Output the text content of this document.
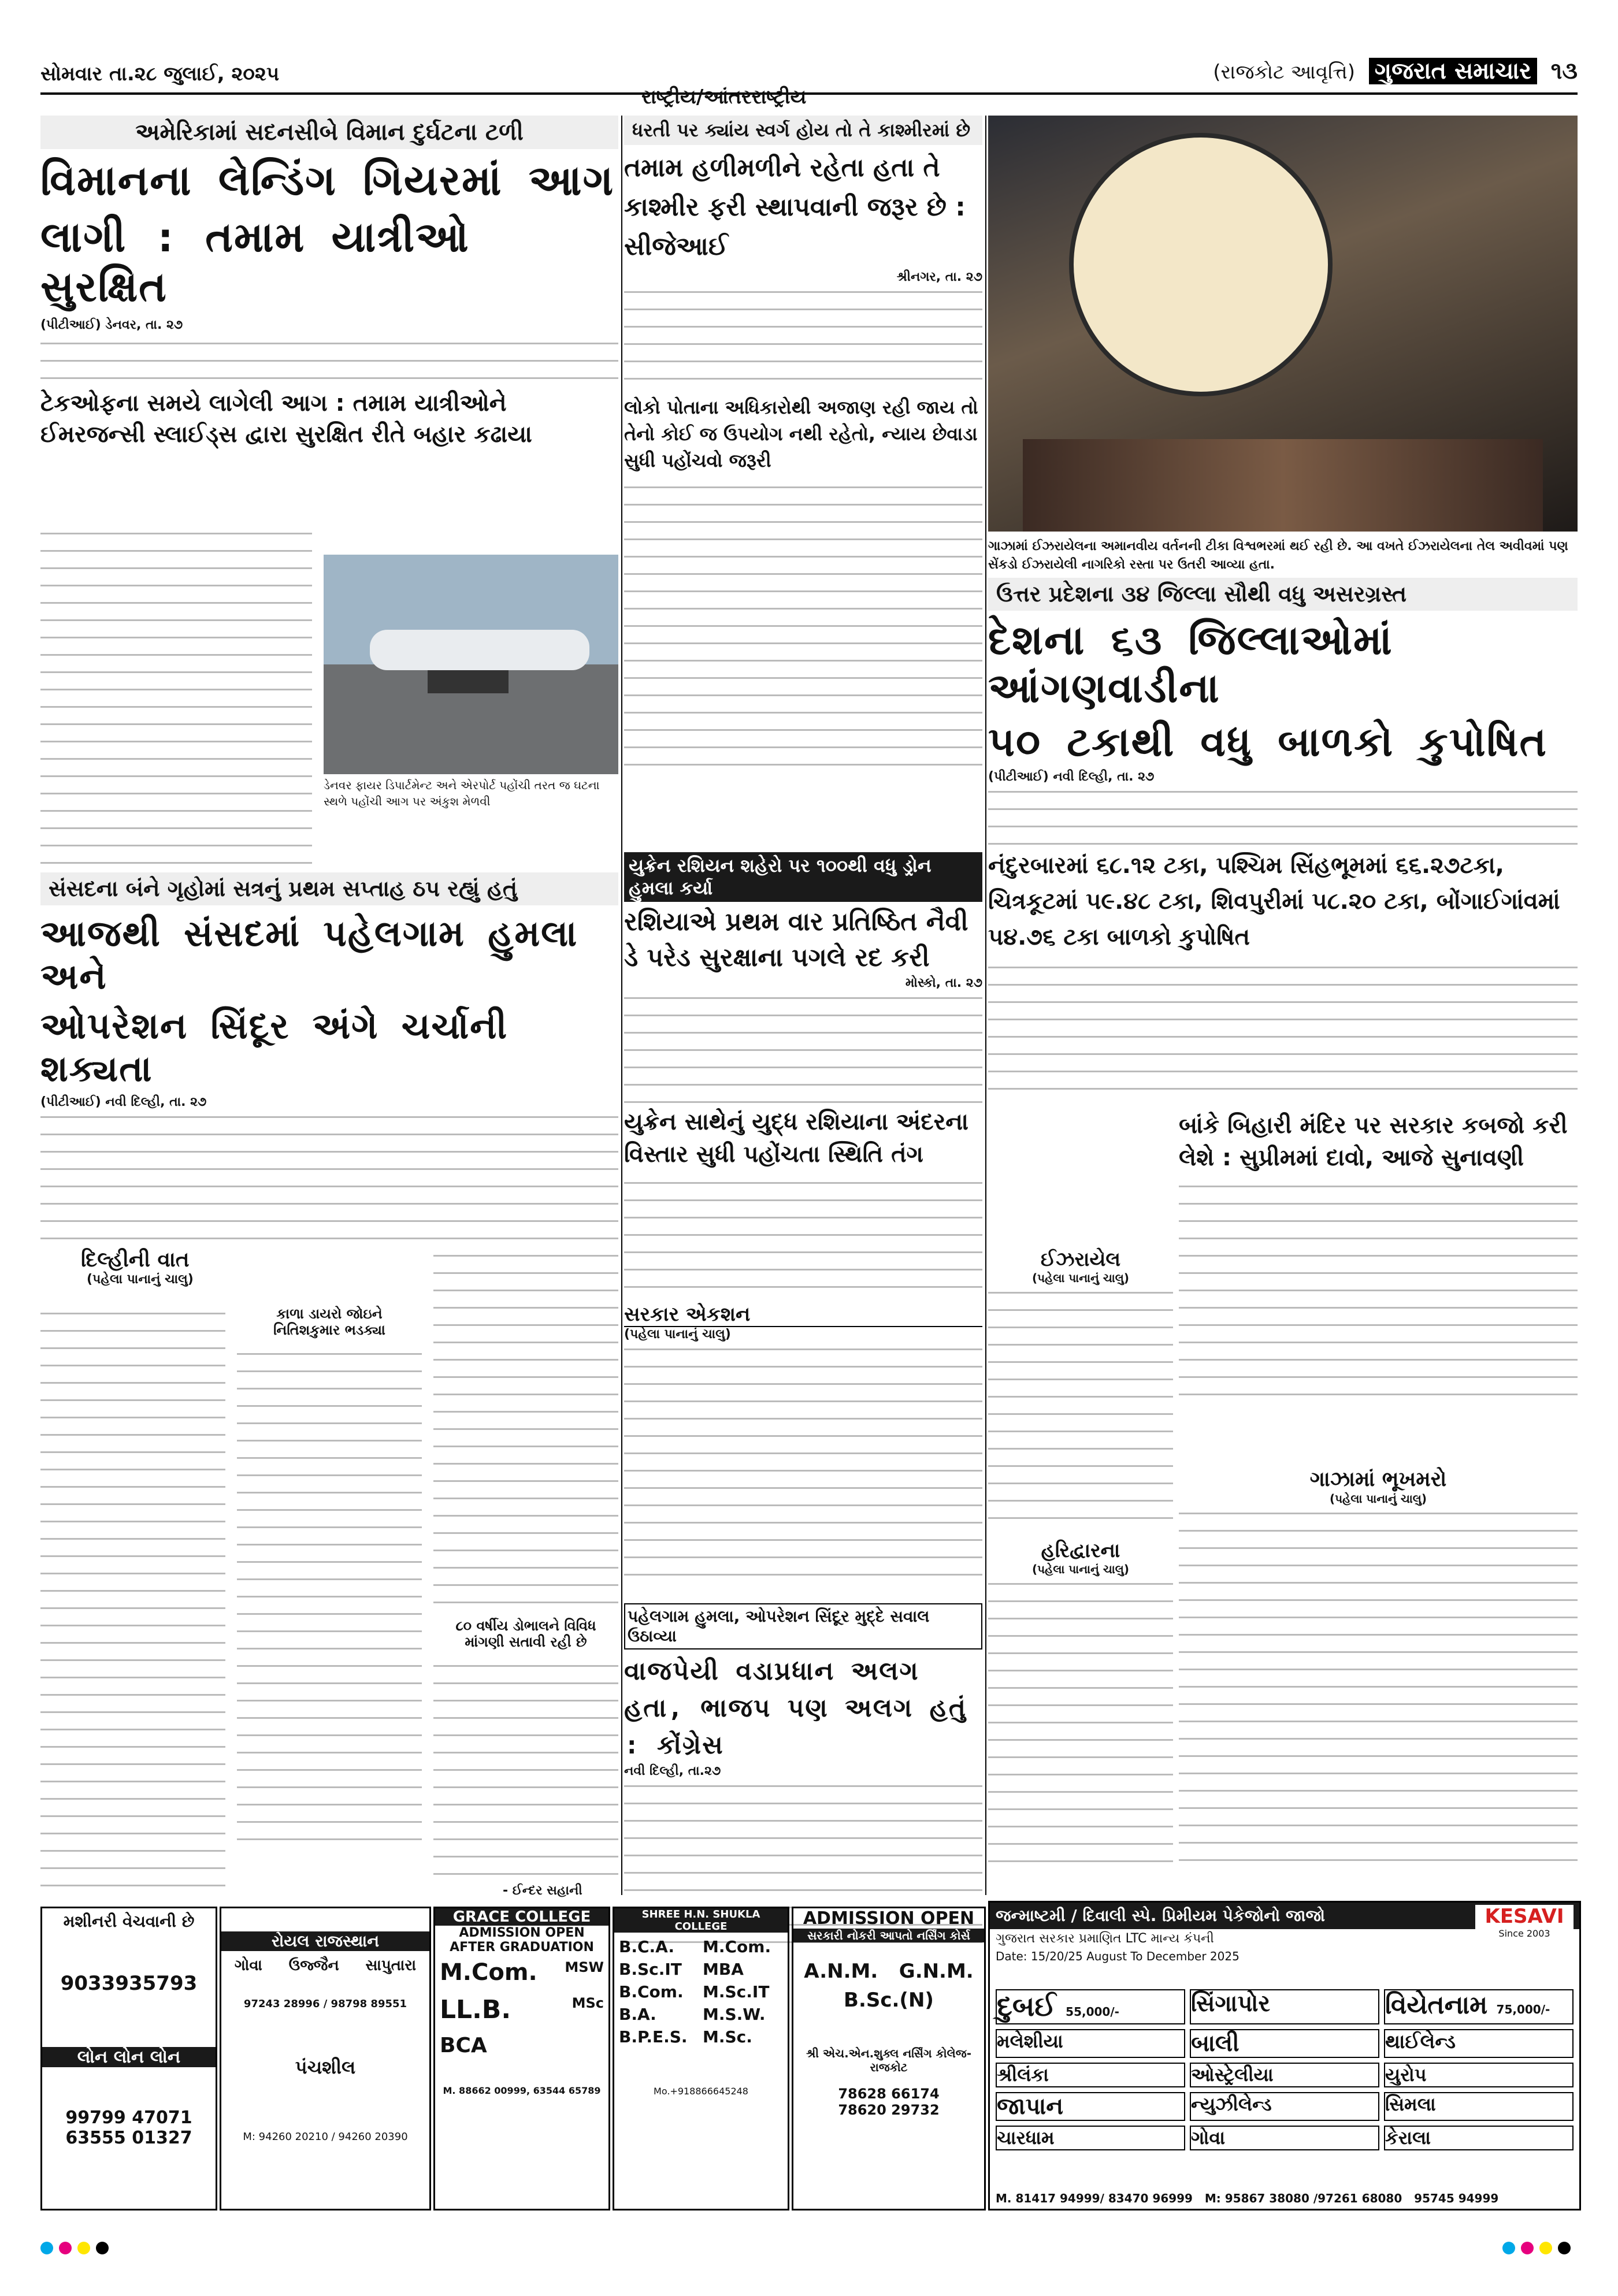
સોમવાર તા.૨૮ જુલાઈ, ૨૦૨૫	(રાજકોટ આવૃત્તિ) ગુજરાત સમાચાર ૧૩
રાષ્ટ્રીય/આંતરરાષ્ટ્રીય
અમેરિકામાં સદનસીબે વિમાન દુર્ઘટના ટળી
વિમાનના લેન્ડિંગ ગિયરમાં આગ
લાગી : તમામ યાત્રીઓ સુરક્ષિત
(પીટીઆઈ) ડેનવર, તા. ૨૭
ટેકઓફના સમયે લાગેલી આગ : તમામ યાત્રીઓને ઈમરજન્સી સ્લાઈડ્સ દ્વારા સુરક્ષિત રીતે બહાર કઢાયા
ડેનવર ફાયર ડિપાર્ટમેન્ટ અને એરપોર્ટ પહોંચી તરત જ ઘટના સ્થળે પહોંચી આગ પર અંકુશ મેળવી
ધરતી પર ક્યાંય સ્વર્ગ હોય તો તે કાશ્મીરમાં છે
તમામ હળીમળીને રહેતા હતા તે કાશ્મીર ફરી સ્થાપવાની જરૂર છે : સીજેઆઈ
શ્રીનગર, તા. ૨૭
લોકો પોતાના અધિકારોથી અજાણ રહી જાય તો તેનો કોઈ જ ઉપયોગ નથી રહેતો, ન્યાય છેવાડા સુધી પહોંચવો જરૂરી
ગાઝામાં ઈઝરાયેલના અમાનવીય વર્તનની ટીકા વિશ્વભરમાં થઈ રહી છે. આ વખતે ઈઝરાયેલના તેલ અવીવમાં પણ સેંકડો ઈઝરાયેલી નાગરિકો રસ્તા પર ઉતરી આવ્યા હતા.
યુક્રેન રશિયન શહેરો પર ૧૦૦થી વધુ ડ્રોન હુમલા કર્યા
રશિયાએ પ્રથમ વાર પ્રતિષ્ઠિત નૈવી ડે પરેડ સુરક્ષાના પગલે રદ કરી
મોસ્કો, તા. ૨૭
યુક્રેન સાથેનું યુદ્ધ રશિયાના અંદરના વિસ્તાર સુધી પહોંચતા સ્થિતિ તંગ
ઉત્તર પ્રદેશના ૩૪ જિલ્લા સૌથી વધુ અસરગ્રસ્ત
દેશના ૬૩ જિલ્લાઓમાં આંગણવાડીના
૫૦ ટકાથી વધુ બાળકો કુપોષિત
(પીટીઆઈ) નવી દિલ્હી, તા. ૨૭
નંદુરબારમાં ૬૮.૧૨ ટકા, પશ્ચિમ સિંહભૂમમાં ૬૬.૨૭ટકા, ચિત્રકૂટમાં ૫૯.૪૮ ટકા, શિવપુરીમાં ૫૮.૨૦ ટકા, બોંગાઈગાંવમાં ૫૪.૭૬ ટકા બાળકો કુપોષિત
સંસદના બંને ગૃહોમાં સત્રનું પ્રથમ સપ્તાહ ઠપ રહ્યું હતું
આજથી સંસદમાં પહેલગામ હુમલા અને
ઓપરેશન સિંદૂર અંગે ચર્ચાની શક્યતા
(પીટીઆઈ) નવી દિલ્હી, તા. ૨૭
દિલ્હીની વાત
(પહેલા પાનાનું ચાલુ)
કાળા ડાયરો જોઇને નિતિશકુમાર ભડક્યા
૮૦ વર્ષીય ડોભાલને વિવિધ માંગણી સતાવી રહી છે
- ઈન્દર સહાની
સરકાર એકશન
(પહેલા પાનાનું ચાલુ)
ઈઝરાયેલ
(પહેલા પાનાનું ચાલુ)
હરિદ્વારના
(પહેલા પાનાનું ચાલુ)
બાંકે બિહારી મંદિર પર સરકાર કબજો કરી લેશે : સુપ્રીમમાં દાવો, આજે સુનાવણી
ગાઝામાં ભૂખમરો
(પહેલા પાનાનું ચાલુ)
પહેલગામ હુમલા, ઓપરેશન સિંદૂર મુદ્દે સવાલ ઉઠાવ્યા
વાજપેયી વડાપ્રધાન અલગ હતા, ભાજપ પણ અલગ હતું : કોંગ્રેસ
નવી દિલ્હી, તા.૨૭
જન્માષ્ટમી / દિવાલી સ્પે. પ્રિમીયમ પેકેજોનો જાજો
ગુજરાત સરકાર પ્રમાણિત LTC માન્ય કંપની
KESAVI
Since 2003
Date: 15/20/25 August To December 2025
દુબઈ 55,000/-	સિંગાપોર	વિયેતનામ 75,000/-
મલેશીયા	બાલી	થાઈલેન્ડ
શ્રીલંકા	ઓસ્ટ્રેલીયા	યુરોપ
જાપાન	ન્યુઝીલેન્ડ	સિમલા
ચારધામ	ગોવા	કેરાલા
M. 81417 94999/ 83470 96999 M: 95867 38080 /97261 68080 95745 94999
મશીનરી વેચવાની છે
9033935793
લોન લોન લોન
99799 47071
63555 01327
રોયલ રાજસ્થાન
ગોવા ઉજ્જૈન સાપુતારા
97243 28996 / 98798 89551
પંચશીલ
M: 94260 20210 / 94260 20390
GRACE COLLEGE
ADMISSION OPEN
AFTER GRADUATION
M.Com. MSW
LL.B.	MSc
BCA
M. 88662 00999, 63544 65789
SHREE H.N. SHUKLA COLLEGE
B.C.A.	M.Com.
B.Sc.IT	MBA
B.Com.	M.Sc.IT
B.A.	M.S.W.
B.P.E.S. M.Sc.
Mo.+918866645248
ADMISSION OPEN
સરકારી નોકરી આપતો નર્સિંગ કોર્સ
A.N.M. G.N.M.
B.Sc.(N)
શ્રી એચ.એન.શુક્લ નર્સિંગ કોલેજ-રાજકોટ
78628 66174
78620 29732
